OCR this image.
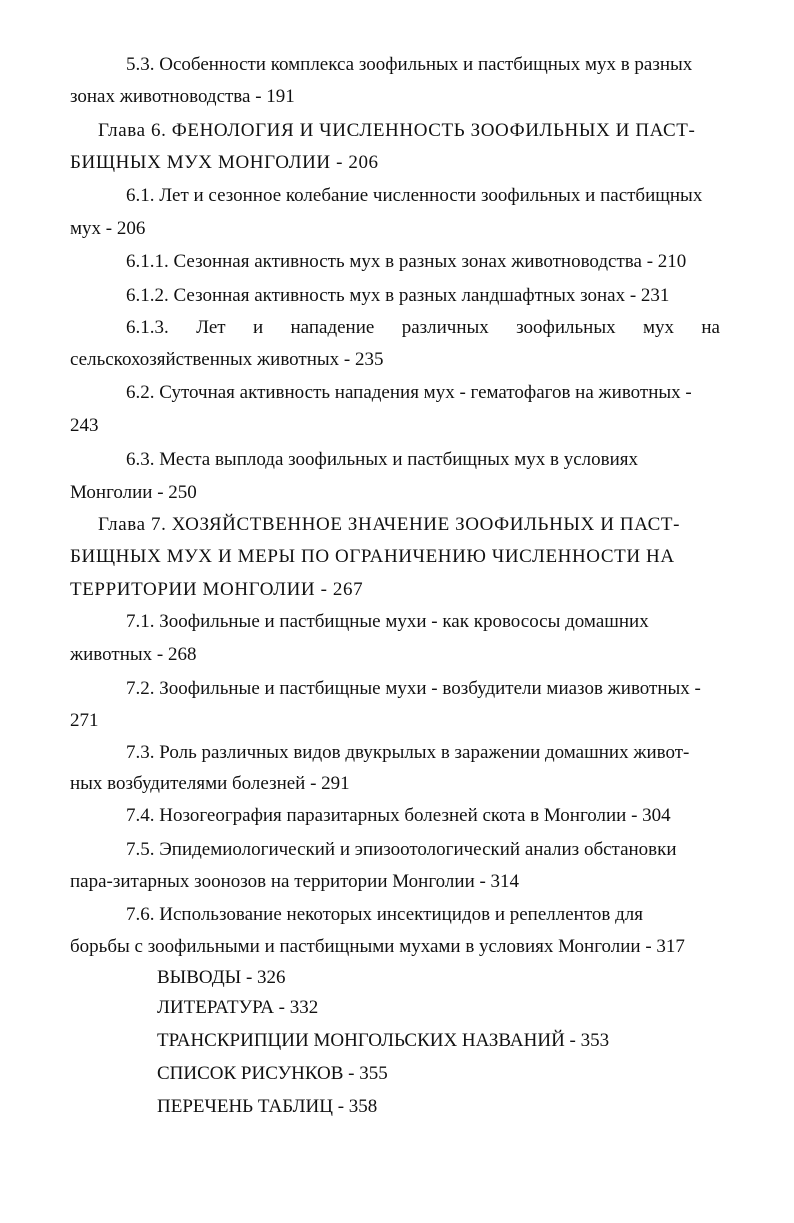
5.3. Особенности комплекса зоофильных и пастбищных мух в разных
зонах животноводства - 191
Глава 6. ФЕНОЛОГИЯ И ЧИСЛЕННОСТЬ ЗООФИЛЬНЫХ И ПАСТ-
БИЩНЫХ МУХ МОНГОЛИИ - 206
6.1. Лет и сезонное колебание численности зоофильных и пастбищных
мух - 206
6.1.1. Сезонная активность мух в разных зонах животноводства - 210
6.1.2. Сезонная активность мух в разных ландшафтных зонах - 231
6.1.3. Лет и нападение различных зоофильных мух на
сельскохозяйственных животных - 235
6.2. Суточная активность нападения мух - гематофагов на животных -
243
6.3. Места выплода зоофильных и пастбищных мух в условиях
Монголии - 250
Глава 7. ХОЗЯЙСТВЕННОЕ ЗНАЧЕНИЕ ЗООФИЛЬНЫХ И ПАСТ-
БИЩНЫХ МУХ И МЕРЫ ПО ОГРАНИЧЕНИЮ ЧИСЛЕННОСТИ НА
ТЕРРИТОРИИ МОНГОЛИИ - 267
7.1. Зоофильные и пастбищные мухи - как кровососы домашних
животных - 268
7.2. Зоофильные и пастбищные мухи - возбудители миазов животных -
271
7.3. Роль различных видов двукрылых в заражении домашних живот-
ных возбудителями болезней - 291
7.4. Нозогеография паразитарных болезней скота в Монголии - 304
7.5. Эпидемиологический и эпизоотологический анализ обстановки
пара-зитарных зоонозов на территории Монголии - 314
7.6. Использование некоторых инсектицидов и репеллентов для
борьбы с зоофильными и пастбищными мухами в условиях Монголии - 317
ВЫВОДЫ - 326
ЛИТЕРАТУРА - 332
ТРАНСКРИПЦИИ МОНГОЛЬСКИХ НАЗВАНИЙ - 353
СПИСОК РИСУНКОВ - 355
ПЕРЕЧЕНЬ ТАБЛИЦ - 358
